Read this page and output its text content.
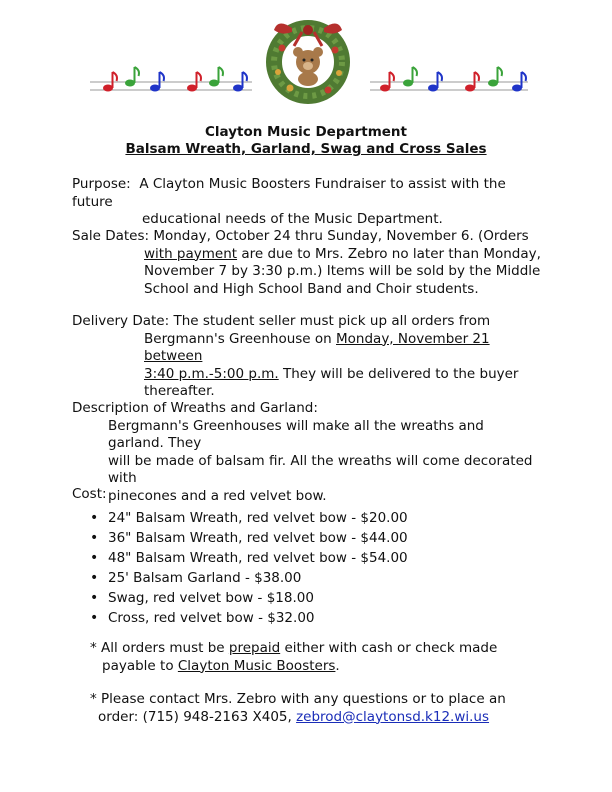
Clayton Music Department
Balsam Wreath, Garland, Swag and Cross Sales
Purpose: A Clayton Music Boosters Fundraiser to assist with the future
educational needs of the Music Department.
Sale Dates: Monday, October 24 thru Sunday, November 6. (Orders
with payment are due to Mrs. Zebro no later than Monday,
November 7 by 3:30 p.m.) Items will be sold by the Middle
School and High School Band and Choir students.
Delivery Date: The student seller must pick up all orders from
Bergmann's Greenhouse on Monday, November 21 between
3:40 p.m.-5:00 p.m. They will be delivered to the buyer
thereafter.
Description of Wreaths and Garland:
Bergmann's Greenhouses will make all the wreaths and garland. They
will be made of balsam fir. All the wreaths will come decorated with
pinecones and a red velvet bow.
Cost:
• 24" Balsam Wreath, red velvet bow - $20.00
• 36" Balsam Wreath, red velvet bow - $44.00
• 48" Balsam Wreath, red velvet bow - $54.00
• 25' Balsam Garland - $38.00
• Swag, red velvet bow - $18.00
• Cross, red velvet bow - $32.00
* All orders must be prepaid either with cash or check made
payable to Clayton Music Boosters.
* Please contact Mrs. Zebro with any questions or to place an
order: (715) 948-2163 X405, zebrod@claytonsd.k12.wi.us
